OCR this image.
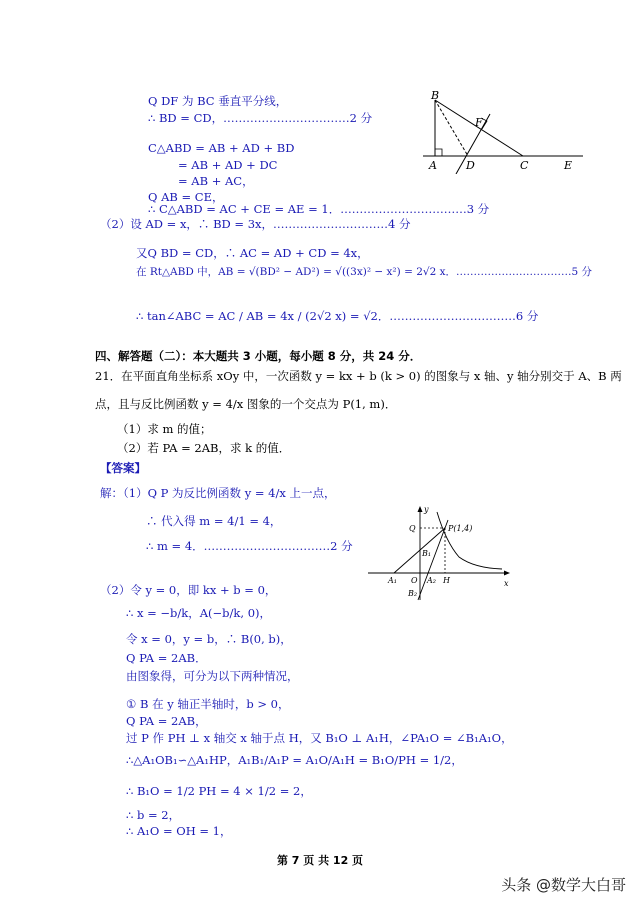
Q DF 为 BC 垂直平分线，
∴ BD = CD，……………………………2 分
C△ABD = AB + AD + BD
= AB + AD + DC
= AB + AC，
Q AB = CE，
∴ C△ABD = AC + CE = AE = 1．……………………………3 分
（2）设 AD = x，∴ BD = 3x，…………………………4 分
又Q BD = CD，∴ AC = AD + CD = 4x，
在 Rt△ABD 中，AB = √(BD² − AD²) = √((3x)² − x²) = 2√2 x．……………………………5 分
∴ tan∠ABC = AC / AB = 4x / (2√2 x) = √2．……………………………6 分
B
F
A	D	C	E
四、解答题（二）：本大题共 3 小题，每小题 8 分，共 24 分．
21．在平面直角坐标系 xOy 中，一次函数 y = kx + b (k > 0) 的图象与 x 轴、y 轴分别交于 A、B 两
点，且与反比例函数 y = 4/x 图象的一个交点为 P(1, m)．
（1）求 m 的值；
（2）若 PA = 2AB，求 k 的值．
【答案】
解：（1）Q P 为反比例函数 y = 4/x 上一点，
∴ 代入得 m = 4/1 = 4，
∴ m = 4．……………………………2 分
（2）令 y = 0，即 kx + b = 0，
∴ x = −b/k，A(−b/k, 0)，
令 x = 0，y = b，∴ B(0, b)，
Q PA = 2AB．
由图象得，可分为以下两种情况，
① B 在 y 轴正半轴时，b > 0，
Q PA = 2AB，
过 P 作 PH ⊥ x 轴交 x 轴于点 H，又 B₁O ⊥ A₁H，∠PA₁O = ∠B₁A₁O，
∴△A₁OB₁∽△A₁HP，A₁B₁/A₁P = A₁O/A₁H = B₁O/PH = 1/2，
∴ B₁O = 1/2 PH = 4 × 1/2 = 2，
∴ b = 2，
∴ A₁O = OH = 1，
y
x
Q	P(1,4)
B₁
A₁ O A₂ H
B₂
第 7 页 共 12 页
头条 @数学大白哥
